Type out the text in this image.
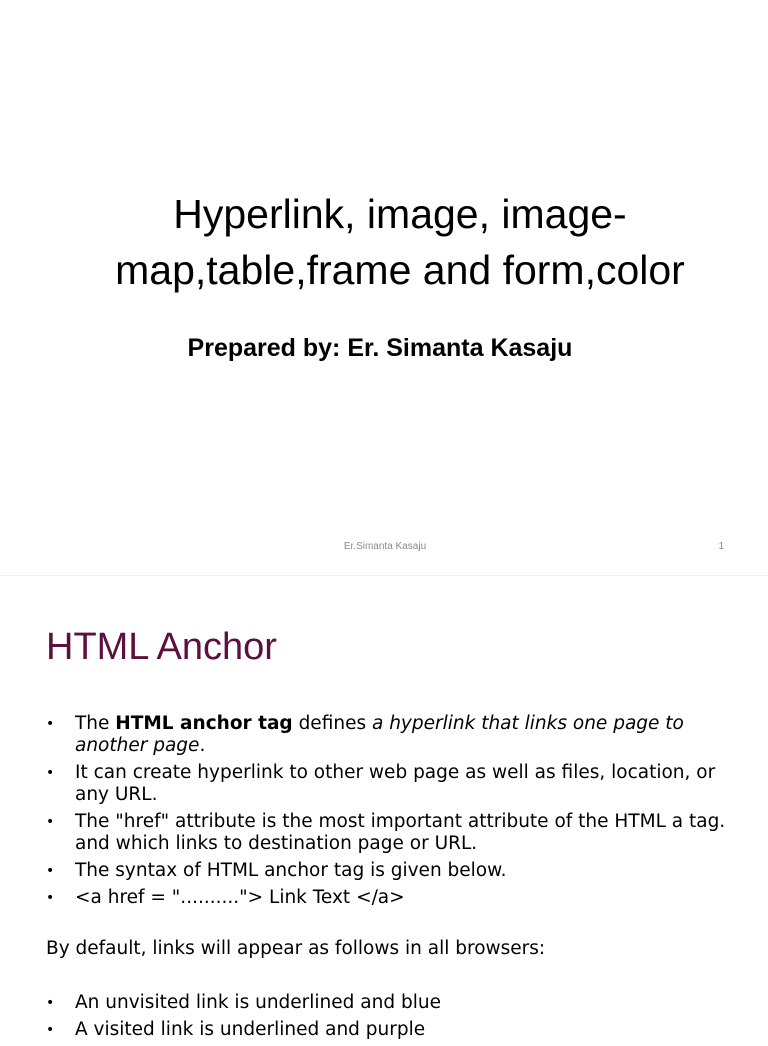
Hyperlink, image, image-
map,table,frame and form,color
Prepared by: Er. Simanta Kasaju
Er.Simanta Kasaju	1
HTML Anchor
• The HTML anchor tag defines a hyperlink that links one page to another page.
• It can create hyperlink to other web page as well as files, location, or any URL.
• The "href" attribute is the most important attribute of the HTML a tag. and which links to destination page or URL.
• The syntax of HTML anchor tag is given below.
• <a href = ".........."> Link Text </a>
By default, links will appear as follows in all browsers:
• An unvisited link is underlined and blue
• A visited link is underlined and purple
